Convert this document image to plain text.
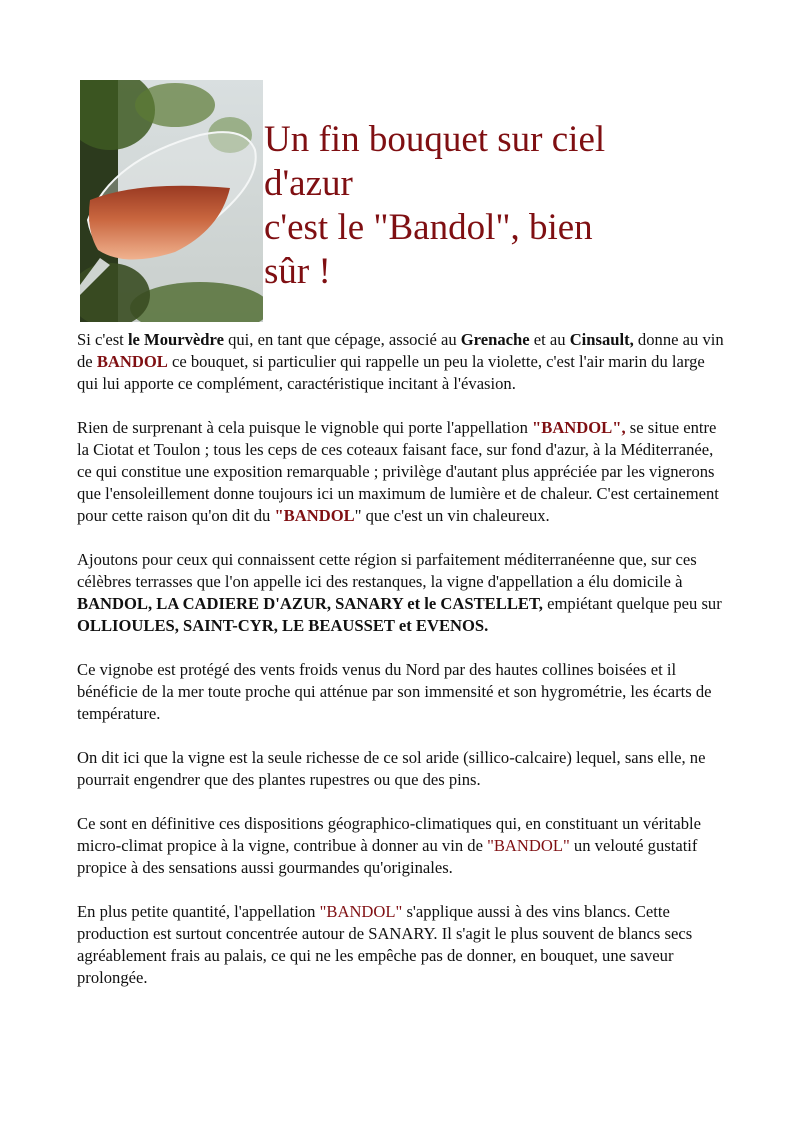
Un fin bouquet sur ciel
d'azur
c'est le "Bandol", bien
sûr !

Si c'est le Mourvèdre qui, en tant que cépage, associé au Grenache et au Cinsault, donne au vin de BANDOL ce bouquet, si particulier qui rappelle un peu la violette, c'est l'air marin du large qui lui apporte ce complément, caractéristique incitant à l'évasion.

Rien de surprenant à cela puisque le vignoble qui porte l'appellation "BANDOL", se situe entre la Ciotat et Toulon ; tous les ceps de ces coteaux faisant face, sur fond d'azur, à la Méditerranée, ce qui constitue une exposition remarquable ; privilège d'autant plus appréciée par les vignerons que l'ensoleillement donne toujours ici un maximum de lumière et de chaleur. C'est certainement pour cette raison qu'on dit du "BANDOL" que c'est un vin chaleureux.

Ajoutons pour ceux qui connaissent cette région si parfaitement méditerranéenne que, sur ces célèbres terrasses que l'on appelle ici des restanques, la vigne d'appellation a élu domicile à BANDOL, LA CADIERE D'AZUR, SANARY et le CASTELLET, empiétant quelque peu sur OLLIOULES, SAINT-CYR, LE BEAUSSET et EVENOS.

Ce vignobe est protégé des vents froids venus du Nord par des hautes collines boisées et il bénéficie de la mer toute proche qui atténue par son immensité et son hygrométrie, les écarts de température.

On dit ici que la vigne est la seule richesse de ce sol aride (sillico-calcaire) lequel, sans elle, ne pourrait engendrer que des plantes rupestres ou que des pins.

Ce sont en définitive ces dispositions géographico-climatiques qui, en constituant un véritable micro-climat propice à la vigne, contribue à donner au vin de "BANDOL" un velouté gustatif propice à des sensations aussi gourmandes qu'originales.

En plus petite quantité, l'appellation "BANDOL" s'applique aussi à des vins blancs. Cette production est surtout concentrée autour de SANARY. Il s'agit le plus souvent de blancs secs agréablement frais au palais, ce qui ne les empêche pas de donner, en bouquet, une saveur prolongée.
